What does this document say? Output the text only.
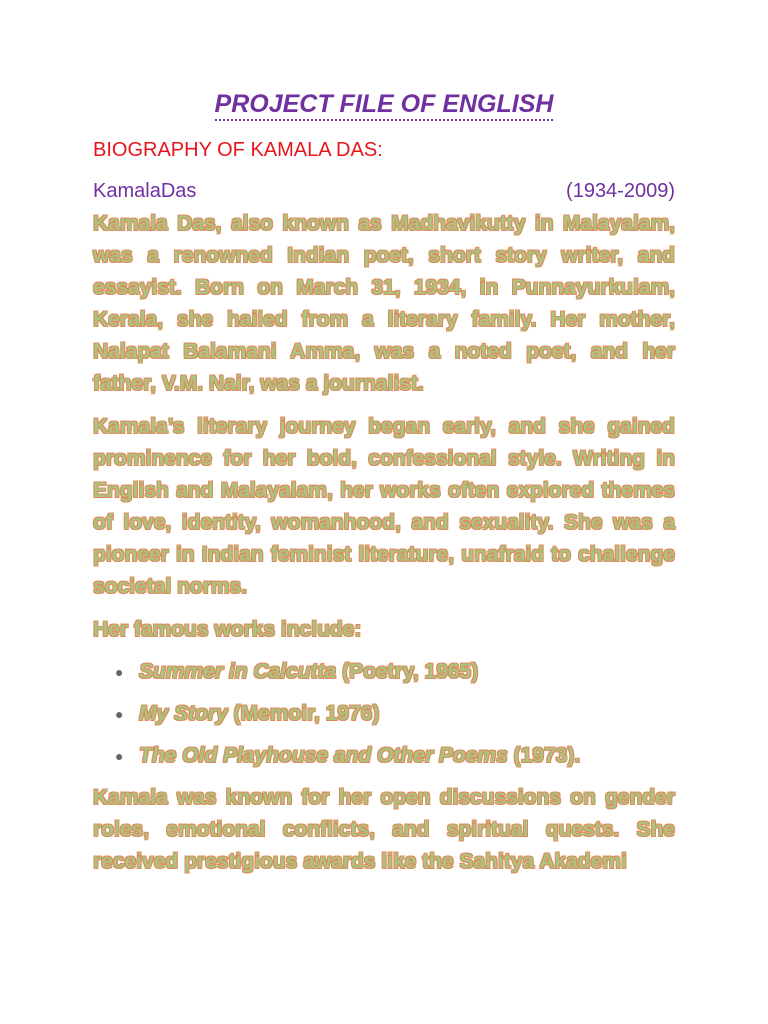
PROJECT FILE OF ENGLISH
BIOGRAPHY OF KAMALA DAS:
KamalaDas	(1934-2009)

Kamala Das, also known as Madhavikutty in Malayalam, was a renowned Indian poet, short story writer, and essayist. Born on March 31, 1934, in Punnayurkulam, Kerala, she hailed from a literary family. Her mother, Nalapat Balamani Amma, was a noted poet, and her father, V.M. Nair, was a journalist.

Kamala’s literary journey began early, and she gained prominence for her bold, confessional style. Writing in English and Malayalam, her works often explored themes of love, identity, womanhood, and sexuality. She was a pioneer in Indian feminist literature, unafraid to challenge societal norms.

Her famous works include:

● Summer in Calcutta (Poetry, 1965)
● My Story (Memoir, 1976)
● The Old Playhouse and Other Poems (1973).

Kamala was known for her open discussions on gender roles, emotional conflicts, and spiritual quests. She received prestigious awards like the Sahitya Akademi
